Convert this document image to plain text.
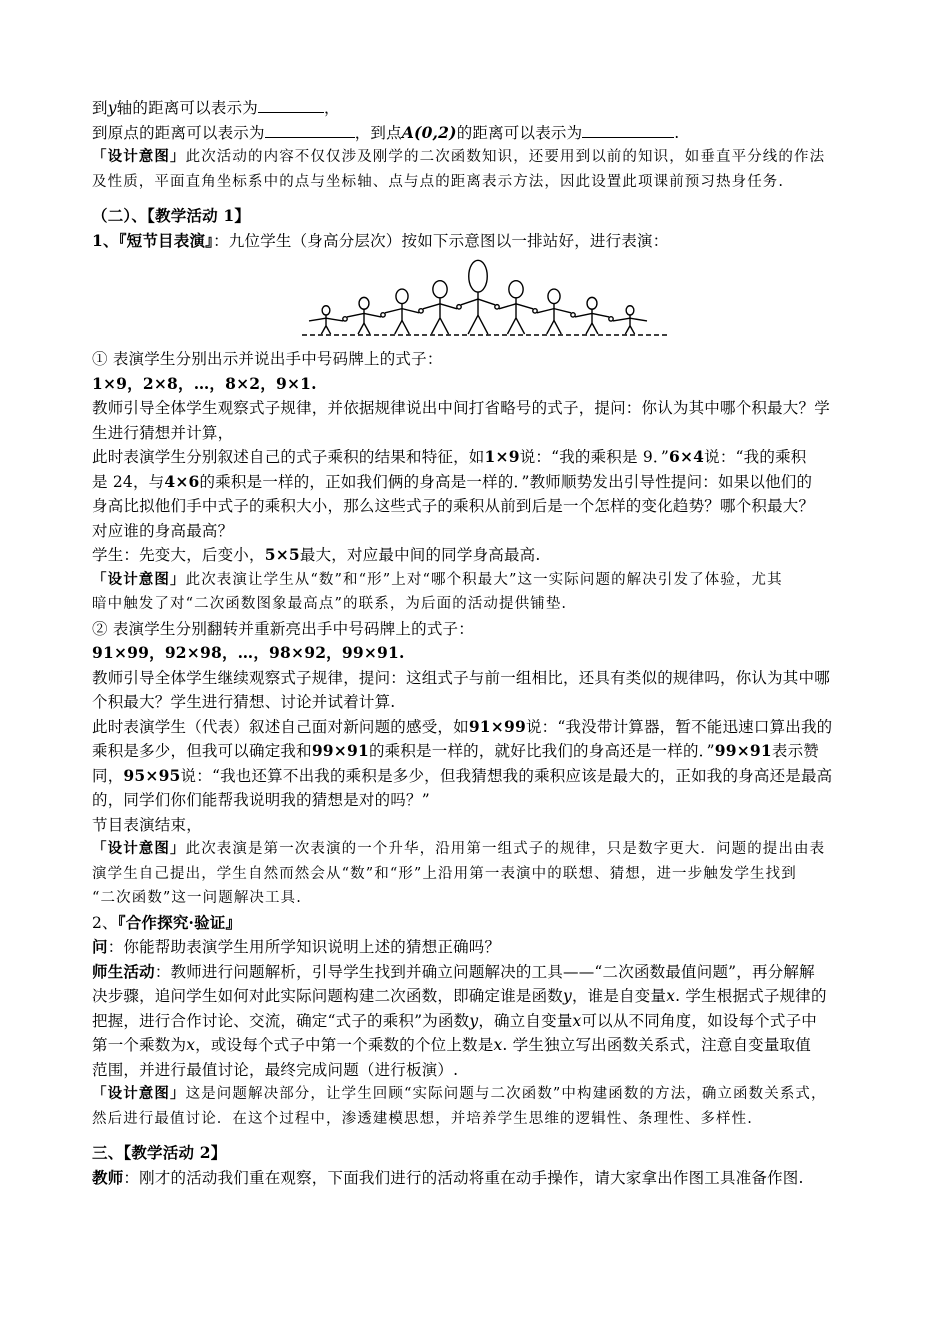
到y轴的距离可以表示为	，
到原点的距离可以表示为	，到点A(0,2)的距离可以表示为	.
「设计意图」此次活动的内容不仅仅涉及刚学的二次函数知识，还要用到以前的知识，如垂直平分线的作法
及性质，平面直角坐标系中的点与坐标轴、点与点的距离表示方法，因此设置此项课前预习热身任务.
（二）、【教学活动 1】
1、『短节目表演』：九位学生（身高分层次）按如下示意图以一排站好，进行表演：
① 表演学生分别出示并说出手中号码牌上的式子：
1×9，2×8，…，8×2，9×1.
教师引导全体学生观察式子规律，并依据规律说出中间打省略号的式子，提问：你认为其中哪个积最大？学
生进行猜想并计算，
此时表演学生分别叙述自己的式子乘积的结果和特征，如1×9说：“我的乘积是 9．”6×4说：“我的乘积
是 24，与4×6的乘积是一样的，正如我们俩的身高是一样的．”教师顺势发出引导性提问：如果以他们的
身高比拟他们手中式子的乘积大小，那么这些式子的乘积从前到后是一个怎样的变化趋势？哪个积最大？
对应谁的身高最高？
学生：先变大，后变小，5×5最大，对应最中间的同学身高最高.
「设计意图」此次表演让学生从“数”和“形”上对“哪个积最大”这一实际问题的解决引发了体验，尤其
暗中触发了对“二次函数图象最高点”的联系，为后面的活动提供铺垫.
② 表演学生分别翻转并重新亮出手中号码牌上的式子：
91×99，92×98，…，98×92，99×91.
教师引导全体学生继续观察式子规律，提问：这组式子与前一组相比，还具有类似的规律吗，你认为其中哪
个积最大？学生进行猜想、讨论并试着计算.
此时表演学生（代表）叙述自己面对新问题的感受，如91×99说：“我没带计算器，暂不能迅速口算出我的
乘积是多少，但我可以确定我和99×91的乘积是一样的，就好比我们的身高还是一样的．”99×91表示赞
同，95×95说：“我也还算不出我的乘积是多少，但我猜想我的乘积应该是最大的，正如我的身高还是最高
的，同学们你们能帮我说明我的猜想是对的吗？”
节目表演结束，
「设计意图」此次表演是第一次表演的一个升华，沿用第一组式子的规律，只是数字更大．问题的提出由表
演学生自己提出，学生自然而然会从“数”和“形”上沿用第一表演中的联想、猜想，进一步触发学生找到
“二次函数”这一问题解决工具.
2、『合作探究·验证』
问：你能帮助表演学生用所学知识说明上述的猜想正确吗？
师生活动：教师进行问题解析，引导学生找到并确立问题解决的工具——“二次函数最值问题”，再分解解
决步骤，追问学生如何对此实际问题构建二次函数，即确定谁是函数y，谁是自变量x. 学生根据式子规律的
把握，进行合作讨论、交流，确定“式子的乘积”为函数y，确立自变量x可以从不同角度，如设每个式子中
第一个乘数为x，或设每个式子中第一个乘数的个位上数是x. 学生独立写出函数关系式，注意自变量取值
范围，并进行最值讨论，最终完成问题（进行板演）.
「设计意图」这是问题解决部分，让学生回顾“实际问题与二次函数”中构建函数的方法，确立函数关系式，
然后进行最值讨论．在这个过程中，渗透建模思想，并培养学生思维的逻辑性、条理性、多样性.
三、【教学活动 2】
教师：刚才的活动我们重在观察，下面我们进行的活动将重在动手操作，请大家拿出作图工具准备作图.
